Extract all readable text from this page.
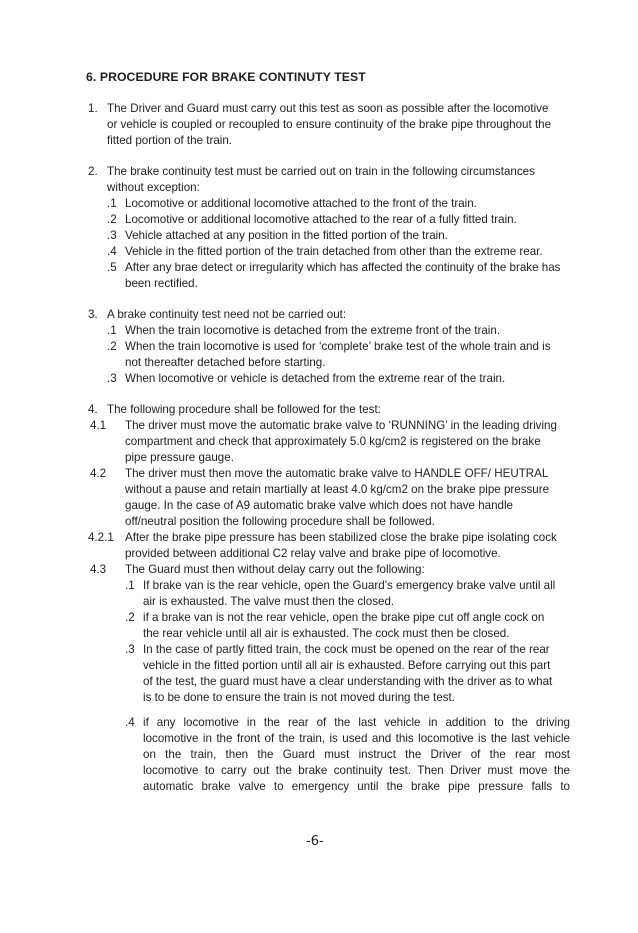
6. PROCEDURE FOR BRAKE CONTINUTY TEST
1. The Driver and Guard must carry out this test as soon as possible after the locomotive
or vehicle is coupled or recoupled to ensure continuity of the brake pipe throughout the
fitted portion of the train.
2. The brake continuity test must be carried out on train in the following circumstances
without exception:
.1 Locomotive or additional locomotive attached to the front of the train.
.2 Locomotive or additional locomotive attached to the rear of a fully fitted train.
.3 Vehicle attached at any position in the fitted portion of the train.
.4 Vehicle in the fitted portion of the train detached from other than the extreme rear.
.5 After any brae detect or irregularity which has affected the continuity of the brake has
been rectified.
3. A brake continuity test need not be carried out:
.1 When the train locomotive is detached from the extreme front of the train.
.2 When the train locomotive is used for ‘complete’ brake test of the whole train and is
not thereafter detached before starting.
.3 When locomotive or vehicle is detached from the extreme rear of the train.
4. The following procedure shall be followed for the test:
4.1 The driver must move the automatic brake valve to ‘RUNNING’ in the leading driving
compartment and check that approximately 5.0 kg/cm2 is registered on the brake
pipe pressure gauge.
4.2 The driver must then move the automatic brake valve to HANDLE OFF/ HEUTRAL
without a pause and retain martially at least 4.0 kg/cm2 on the brake pipe pressure
gauge. In the case of A9 automatic brake valve which does not have handle
off/neutral position the following procedure shall be followed.
4.2.1 After the brake pipe pressure has been stabilized close the brake pipe isolating cock
provided between additional C2 relay valve and brake pipe of locomotive.
4.3 The Guard must then without delay carry out the following:
.1 If brake van is the rear vehicle, open the Guard’s emergency brake valve until all
air is exhausted. The valve must then the closed.
.2 if a brake van is not the rear vehicle, open the brake pipe cut off angle cock on
the rear vehicle until all air is exhausted. The cock must then be closed.
.3 In the case of partly fitted train, the cock must be opened on the rear of the rear
vehicle in the fitted portion until all air is exhausted. Before carrying out this part
of the test, the guard must have a clear understanding with the driver as to what
is to be done to ensure the train is not moved during the test.
.4 if any locomotive in the rear of the last vehicle in addition to the driving
locomotive in the front of the train, is used and this locomotive is the last vehicle
on the train, then the Guard must instruct the Driver of the rear most
locomotive to carry out the brake continuity test. Then Driver must move the
automatic brake valve to emergency until the brake pipe pressure falls to
-6-
